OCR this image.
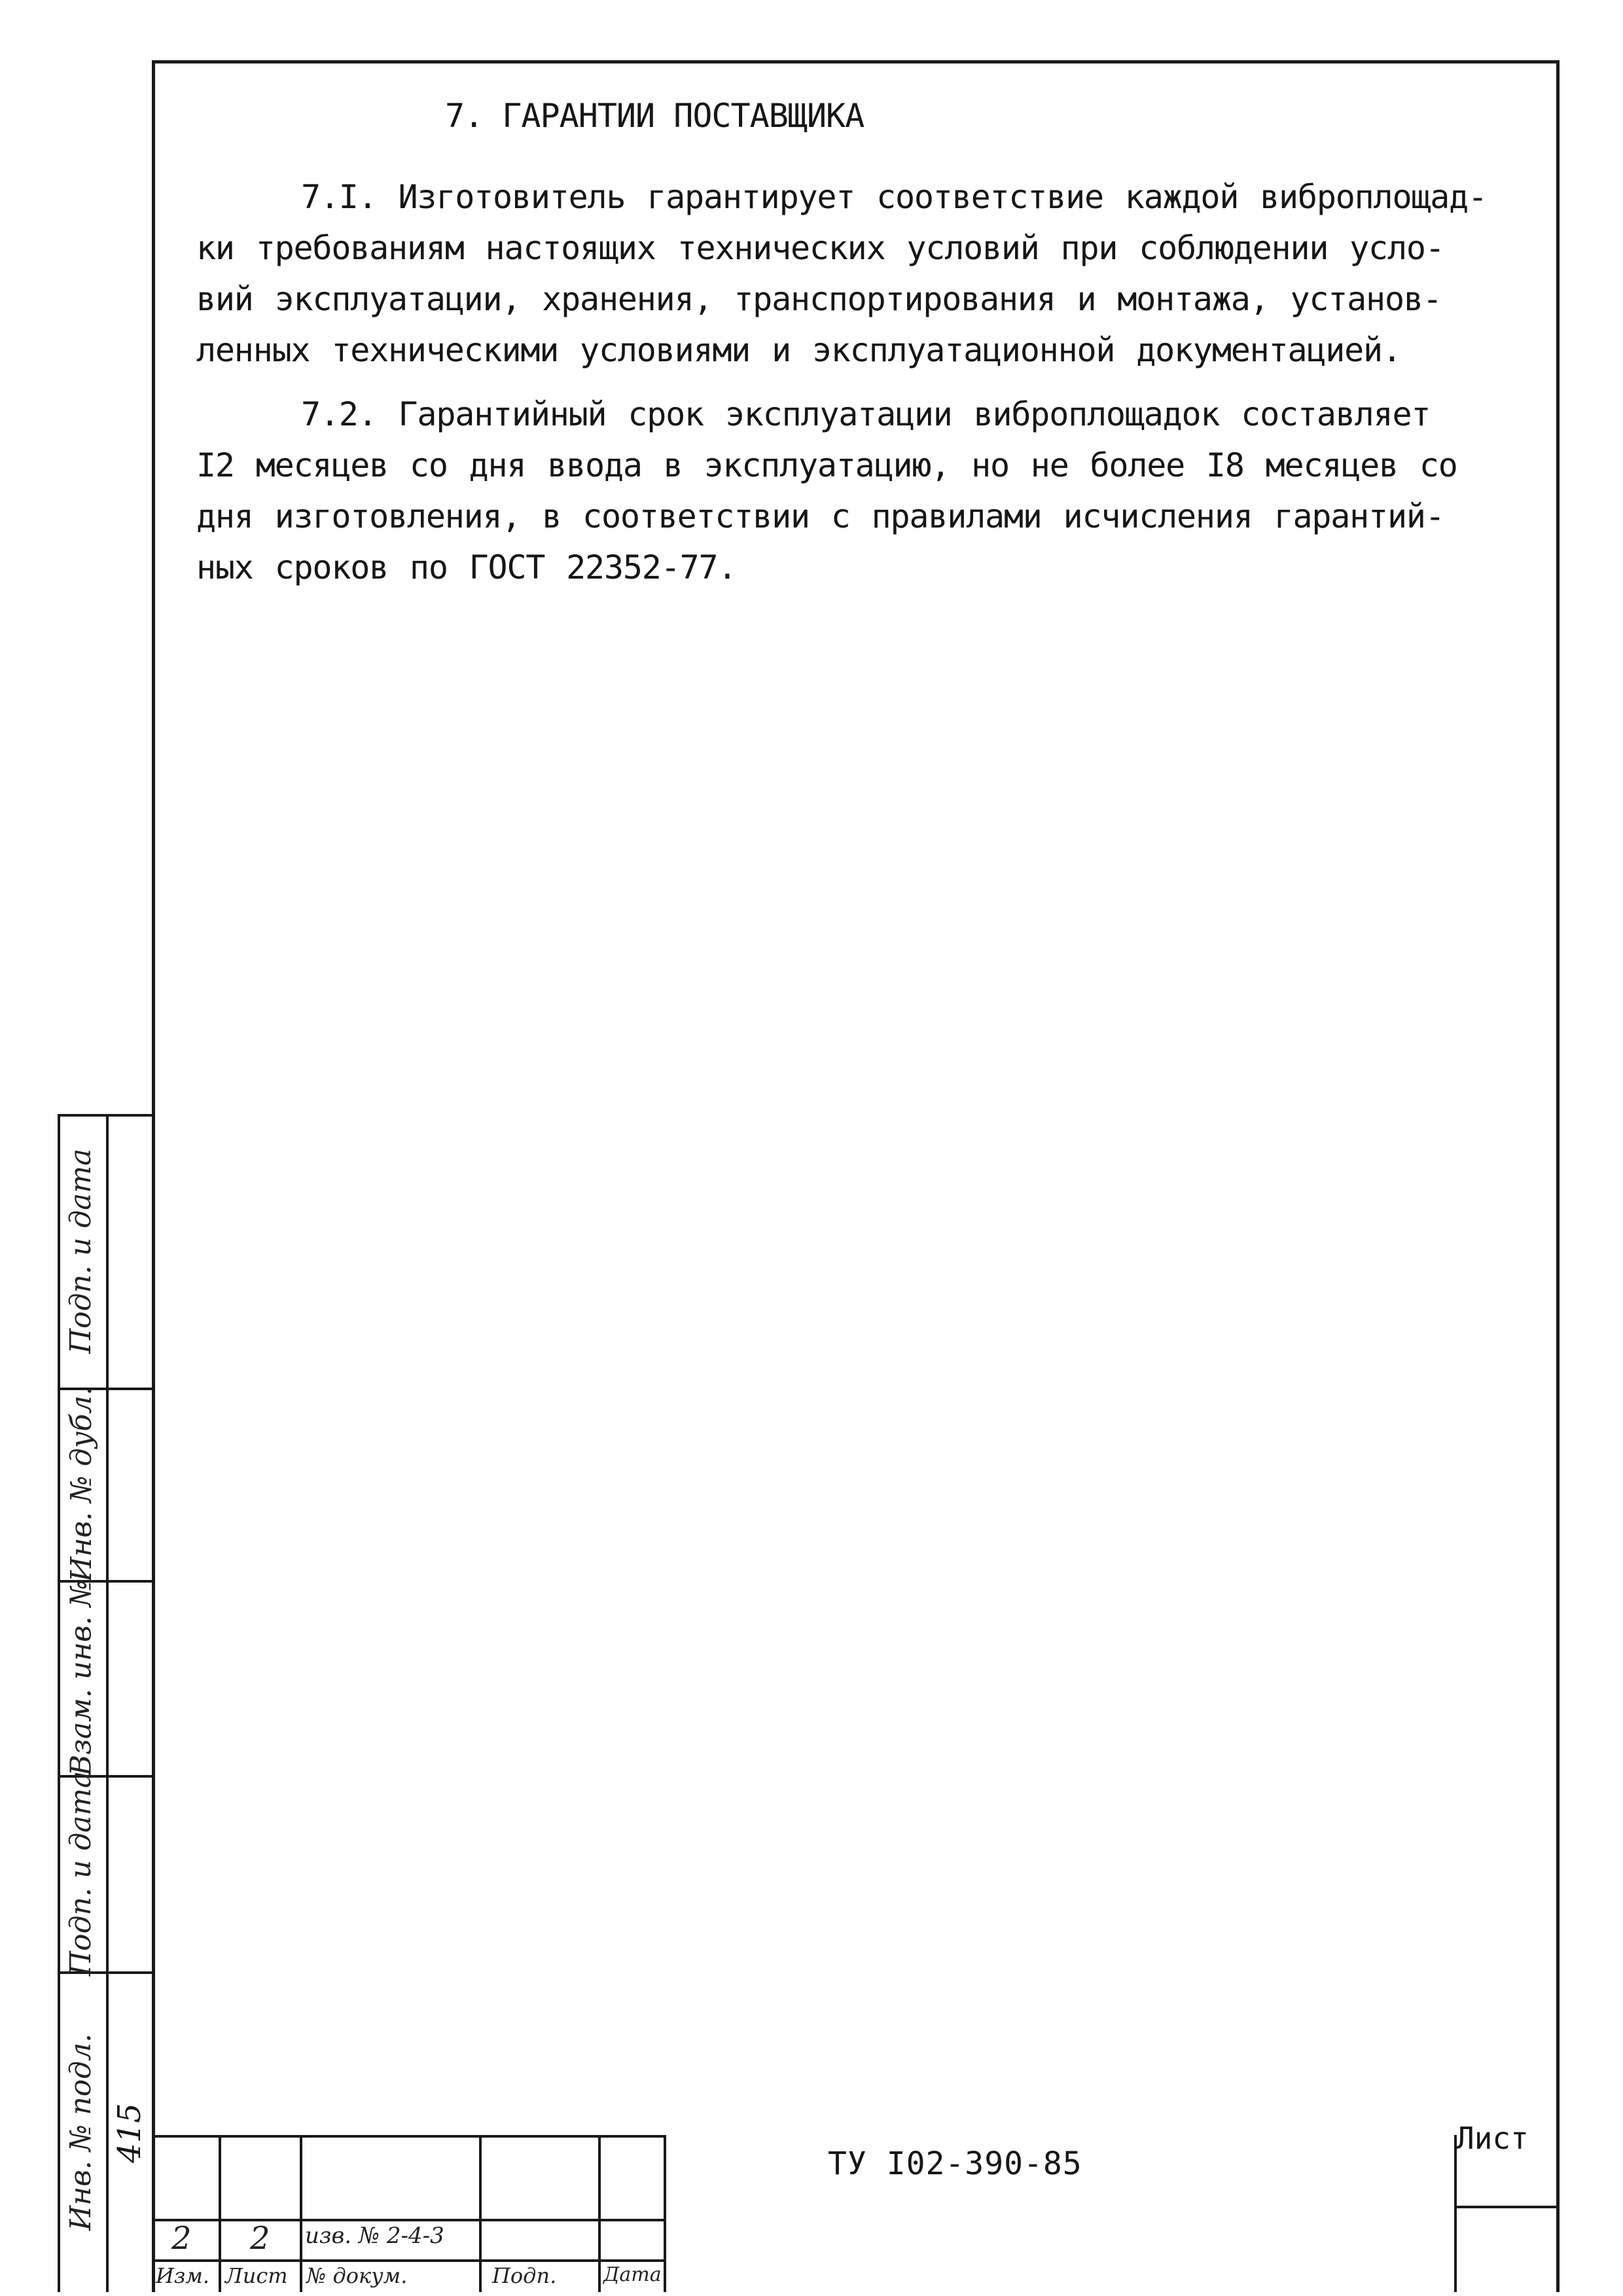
7. ГАРАНТИИ ПОСТАВЩИКА
7.I. Изготовитель гарантирует соответствие каждой виброплощад-
ки требованиям настоящих технических условий при соблюдении усло-
вий эксплуатации, хранения, транспортирования и монтажа, установ-
ленных техническими условиями и эксплуатационной документацией.
7.2. Гарантийный срок эксплуатации виброплощадок составляет
I2 месяцев со дня ввода в эксплуатацию, но не более I8 месяцев со
дня изготовления, в соответствии с правилами исчисления гарантий-
ных сроков по ГОСТ 22352-77.
Подп. и дата
Инв. № дубл.
Взам. инв. №
Подп. и дата
Инв. № подл. 415
2 2 изв. № 2-4-3
Изм. Лист № докум.	Подп. Дата
ТУ I02-390-85
Лист
